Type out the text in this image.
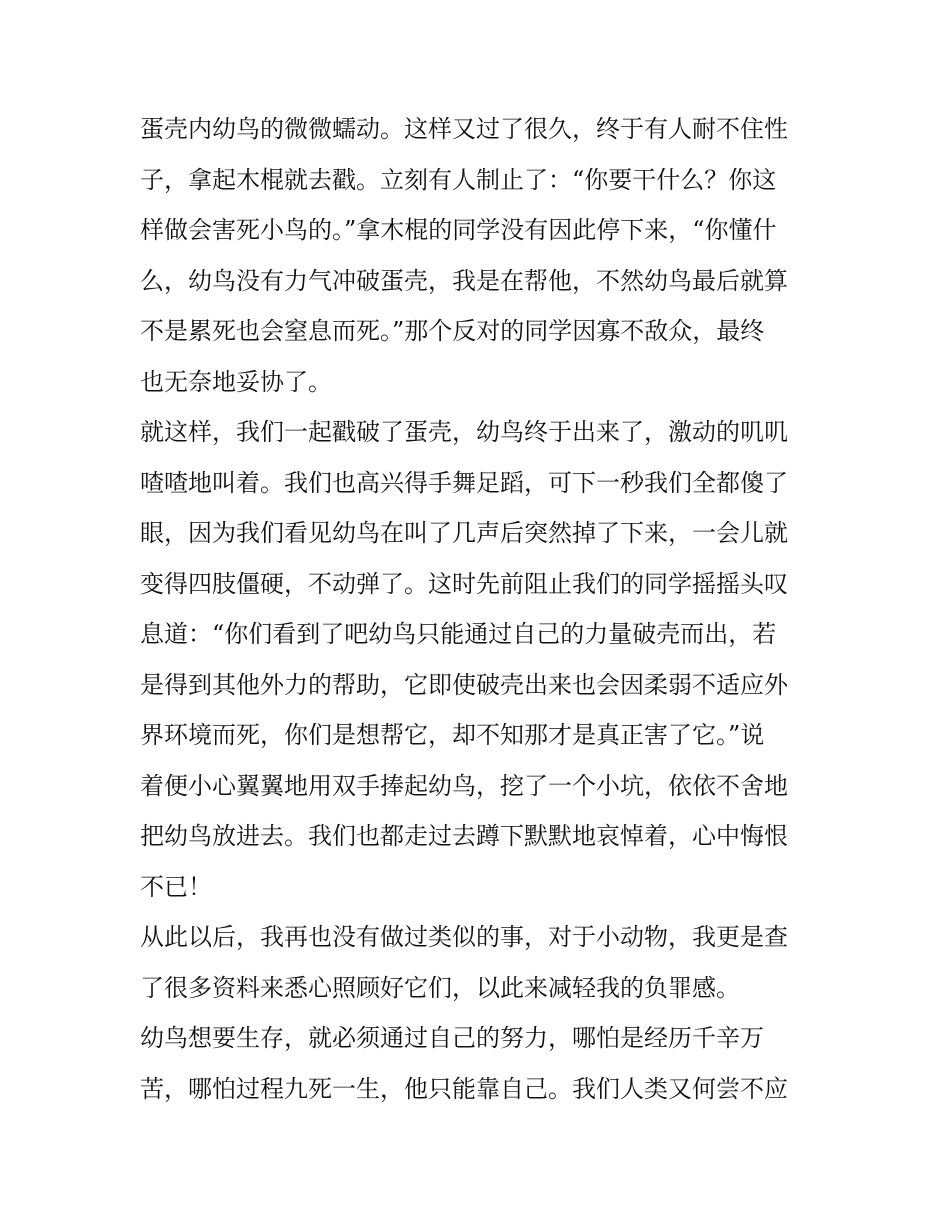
蛋壳内幼鸟的微微蠕动。这样又过了很久，终于有人耐不住性
子，拿起木棍就去戳。立刻有人制止了：“你要干什么？你这
样做会害死小鸟的。”拿木棍的同学没有因此停下来，“你懂什
么，幼鸟没有力气冲破蛋壳，我是在帮他，不然幼鸟最后就算
不是累死也会窒息而死。”那个反对的同学因寡不敌众，最终
也无奈地妥协了。
就这样，我们一起戳破了蛋壳，幼鸟终于出来了，激动的叽叽
喳喳地叫着。我们也高兴得手舞足蹈，可下一秒我们全都傻了
眼，因为我们看见幼鸟在叫了几声后突然掉了下来，一会儿就
变得四肢僵硬，不动弹了。这时先前阻止我们的同学摇摇头叹
息道：“你们看到了吧幼鸟只能通过自己的力量破壳而出，若
是得到其他外力的帮助，它即使破壳出来也会因柔弱不适应外
界环境而死，你们是想帮它，却不知那才是真正害了它。”说
着便小心翼翼地用双手捧起幼鸟，挖了一个小坑，依依不舍地
把幼鸟放进去。我们也都走过去蹲下默默地哀悼着，心中悔恨
不已！
从此以后，我再也没有做过类似的事，对于小动物，我更是查
了很多资料来悉心照顾好它们，以此来减轻我的负罪感。
幼鸟想要生存，就必须通过自己的努力，哪怕是经历千辛万
苦，哪怕过程九死一生，他只能靠自己。我们人类又何尝不应
